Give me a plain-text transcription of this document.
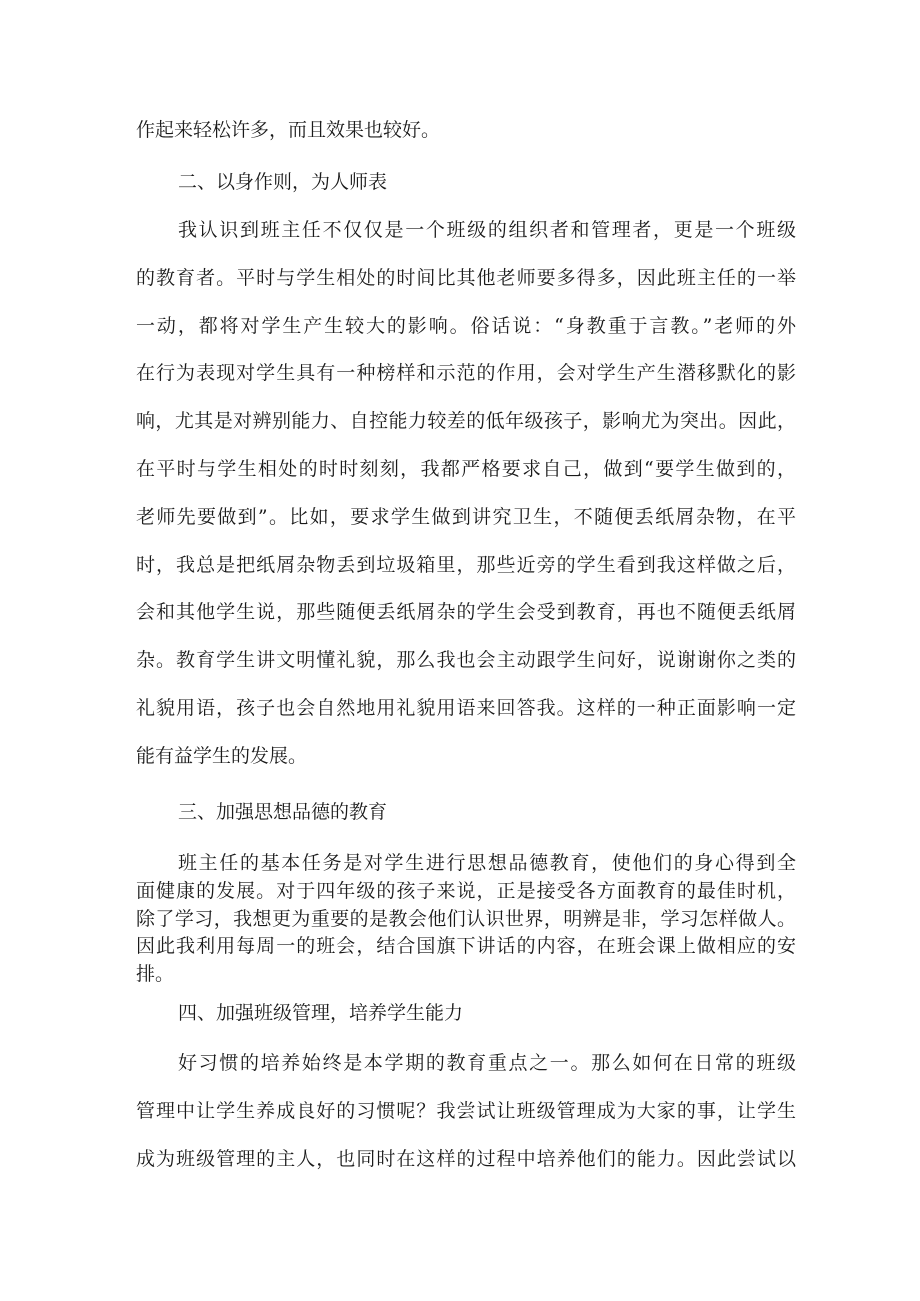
作起来轻松许多，而且效果也较好。
二、以身作则，为人师表
我认识到班主任不仅仅是一个班级的组织者和管理者，更是一个班级
的教育者。平时与学生相处的时间比其他老师要多得多，因此班主任的一举
一动，都将对学生产生较大的影响。俗话说：“身教重于言教。”老师的外
在行为表现对学生具有一种榜样和示范的作用，会对学生产生潜移默化的影
响，尤其是对辨别能力、自控能力较差的低年级孩子，影响尤为突出。因此，
在平时与学生相处的时时刻刻，我都严格要求自己，做到“要学生做到的，
老师先要做到”。比如，要求学生做到讲究卫生，不随便丢纸屑杂物，在平
时，我总是把纸屑杂物丢到垃圾箱里，那些近旁的学生看到我这样做之后，
会和其他学生说，那些随便丢纸屑杂的学生会受到教育，再也不随便丢纸屑
杂。教育学生讲文明懂礼貌，那么我也会主动跟学生问好，说谢谢你之类的
礼貌用语，孩子也会自然地用礼貌用语来回答我。这样的一种正面影响一定
能有益学生的发展。
三、加强思想品德的教育
班主任的基本任务是对学生进行思想品德教育，使他们的身心得到全
面健康的发展。对于四年级的孩子来说，正是接受各方面教育的最佳时机，
除了学习，我想更为重要的是教会他们认识世界，明辨是非，学习怎样做人。
因此我利用每周一的班会，结合国旗下讲话的内容，在班会课上做相应的安
排。
四、加强班级管理，培养学生能力
好习惯的培养始终是本学期的教育重点之一。那么如何在日常的班级
管理中让学生养成良好的习惯呢？我尝试让班级管理成为大家的事，让学生
成为班级管理的主人，也同时在这样的过程中培养他们的能力。因此尝试以
